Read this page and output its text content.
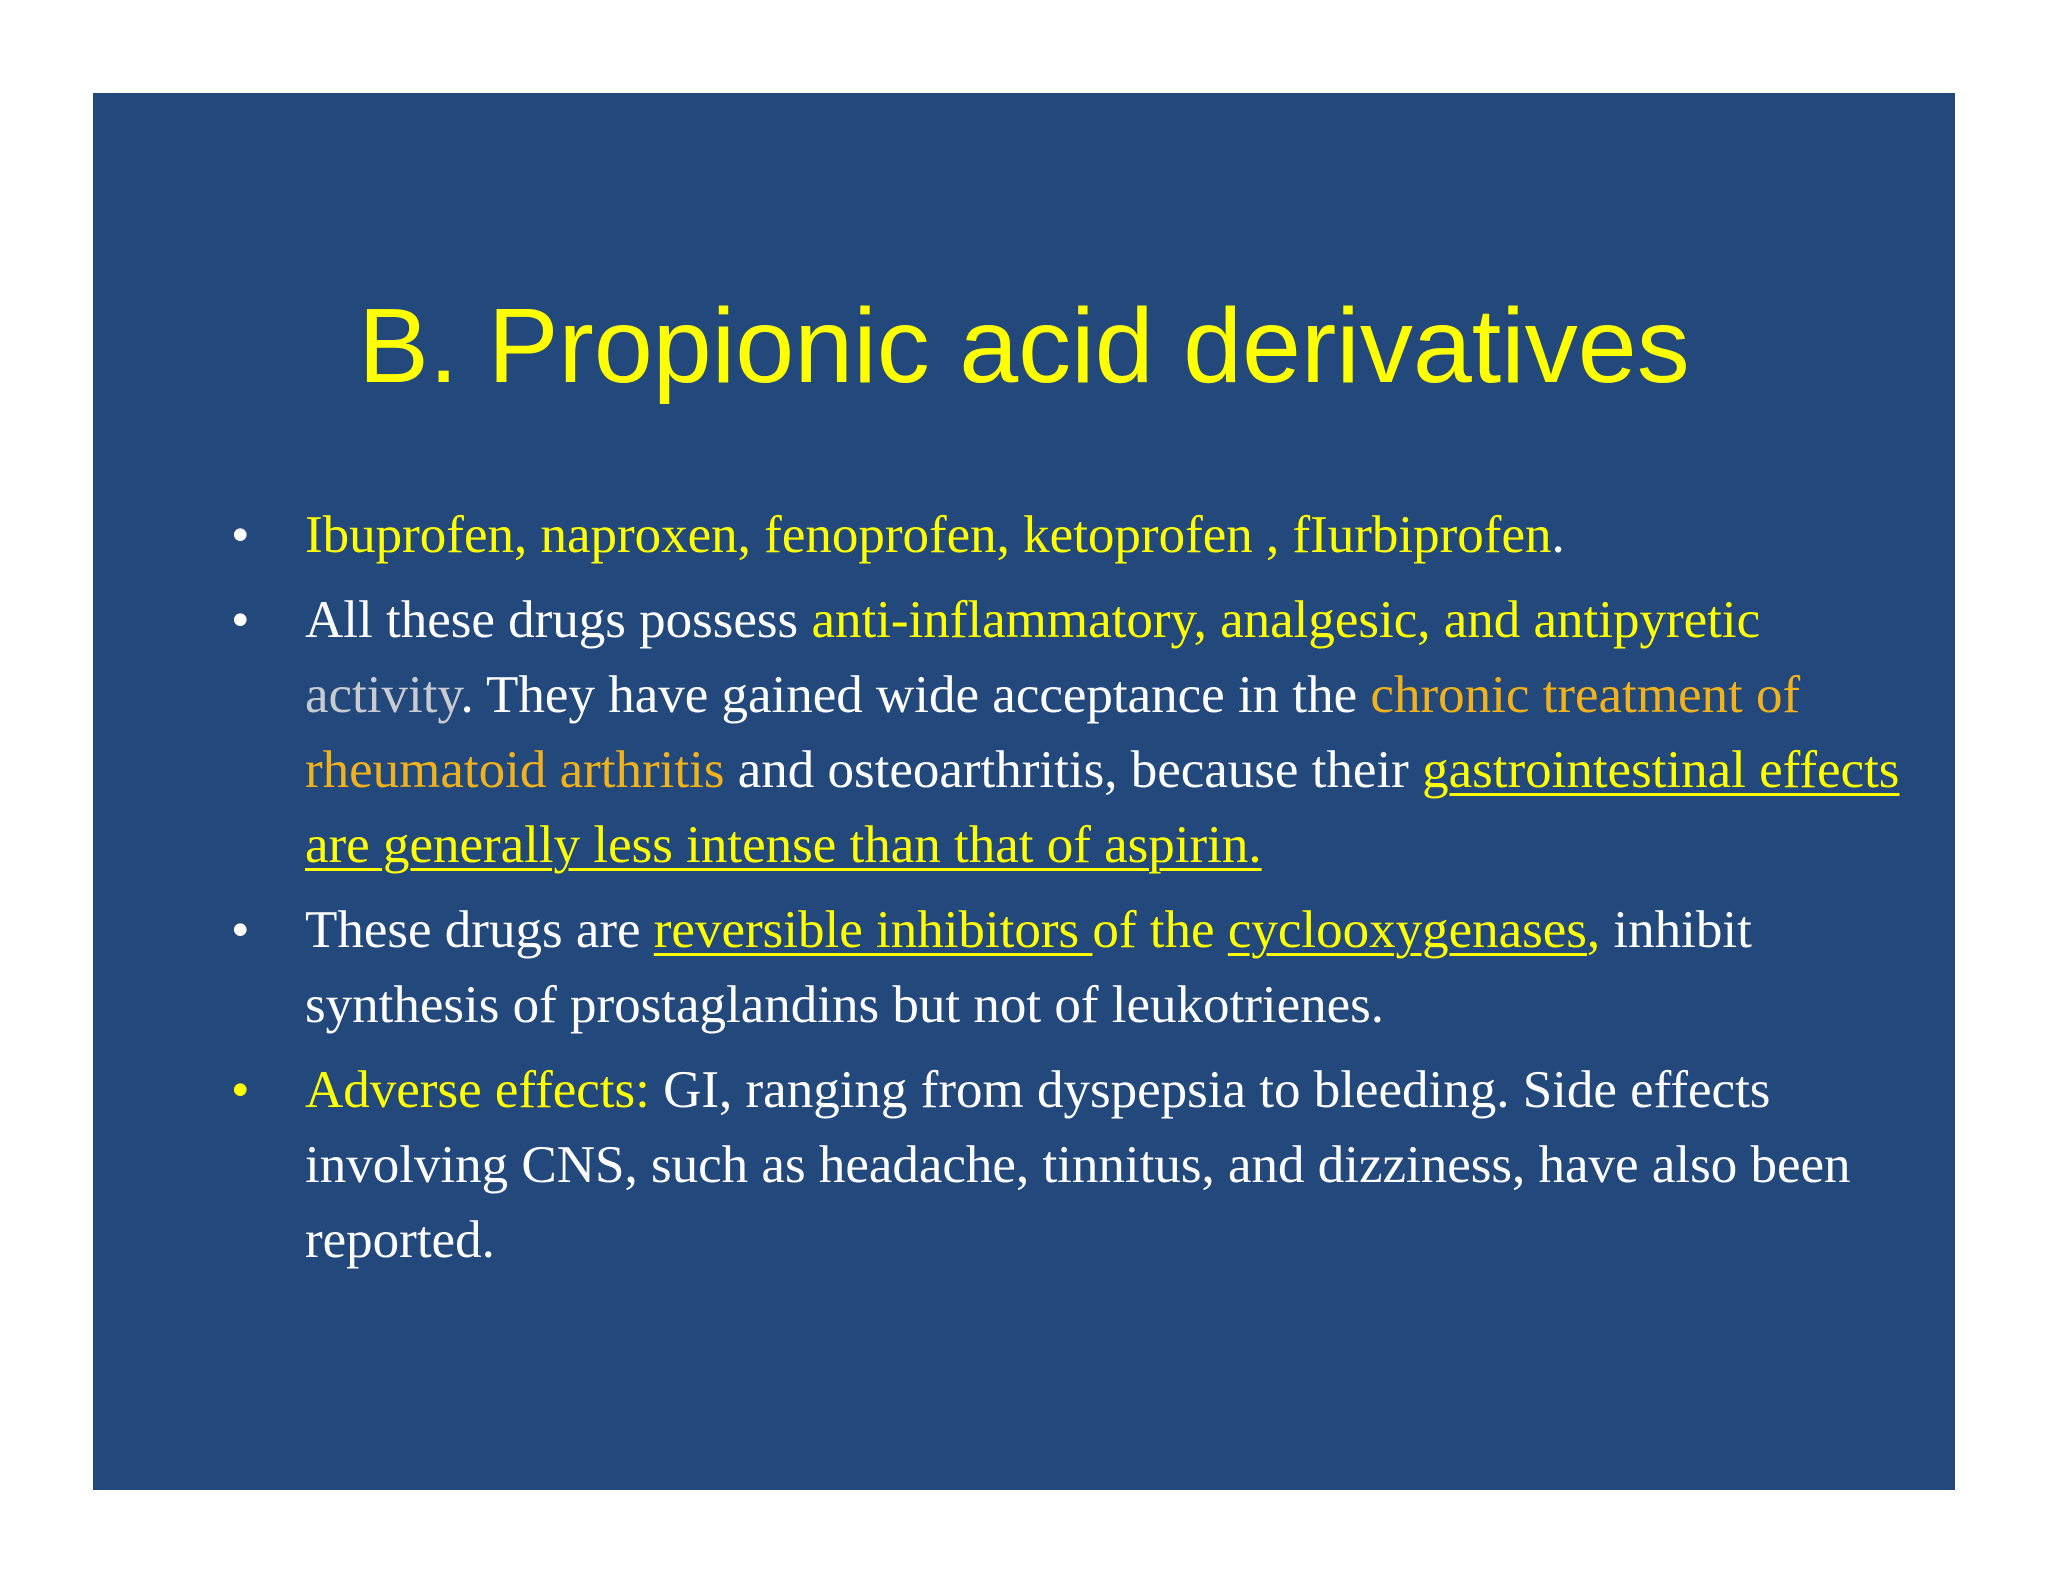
B. Propionic acid derivatives
• Ibuprofen, naproxen, fenoprofen, ketoprofen , fIurbiprofen.
• All these drugs possess anti-inflammatory, analgesic, and antipyretic activity. They have gained wide acceptance in the chronic treatment of rheumatoid arthritis and osteoarthritis, because their gastrointestinal effects are generally less intense than that of aspirin.
• These drugs are reversible inhibitors of the cyclooxygenases, inhibit synthesis of prostaglandins but not of leukotrienes.
• Adverse effects: GI, ranging from dyspepsia to bleeding. Side effects involving CNS, such as headache, tinnitus, and dizziness, have also been reported.
